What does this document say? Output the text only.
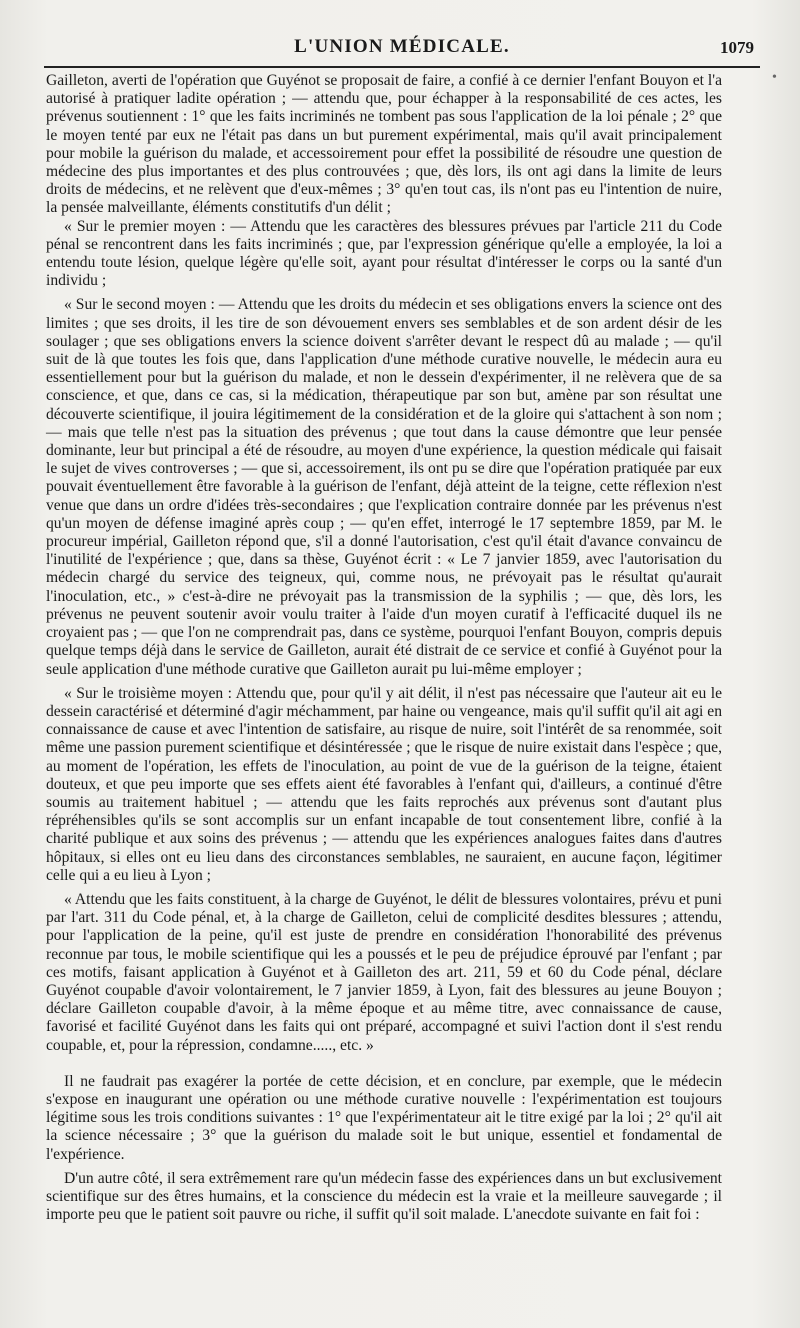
L'UNION MÉDICALE.	1079

Gailleton, averti de l'opération que Guyénot se proposait de faire, a confié à ce dernier l'enfant Bouyon et l'a autorisé à pratiquer ladite opération ; — attendu que, pour échapper à la responsabilité de ces actes, les prévenus soutiennent : 1° que les faits incriminés ne tombent pas sous l'application de la loi pénale ; 2° que le moyen tenté par eux ne l'était pas dans un but purement expérimental, mais qu'il avait principalement pour mobile la guérison du malade, et accessoirement pour effet la possibilité de résoudre une question de médecine des plus importantes et des plus controuvées ; que, dès lors, ils ont agi dans la limite de leurs droits de médecins, et ne relèvent que d'eux-mêmes ; 3° qu'en tout cas, ils n'ont pas eu l'intention de nuire, la pensée malveillante, éléments constitutifs d'un délit ;

« Sur le premier moyen : — Attendu que les caractères des blessures prévues par l'article 211 du Code pénal se rencontrent dans les faits incriminés ; que, par l'expression générique qu'elle a employée, la loi a entendu toute lésion, quelque légère qu'elle soit, ayant pour résultat d'intéresser le corps ou la santé d'un individu ;

« Sur le second moyen : — Attendu que les droits du médecin et ses obligations envers la science ont des limites ; que ses droits, il les tire de son dévouement envers ses semblables et de son ardent désir de les soulager ; que ses obligations envers la science doivent s'arrêter devant le respect dû au malade ; — qu'il suit de là que toutes les fois que, dans l'application d'une méthode curative nouvelle, le médecin aura eu essentiellement pour but la guérison du malade, et non le dessein d'expérimenter, il ne relèvera que de sa conscience, et que, dans ce cas, si la médication, thérapeutique par son but, amène par son résultat une découverte scientifique, il jouira légitimement de la considération et de la gloire qui s'attachent à son nom ; — mais que telle n'est pas la situation des prévenus ; que tout dans la cause démontre que leur pensée dominante, leur but principal a été de résoudre, au moyen d'une expérience, la question médicale qui faisait le sujet de vives controverses ; — que si, accessoirement, ils ont pu se dire que l'opération pratiquée par eux pouvait éventuellement être favorable à la guérison de l'enfant, déjà atteint de la teigne, cette réflexion n'est venue que dans un ordre d'idées très-secondaires ; que l'explication contraire donnée par les prévenus n'est qu'un moyen de défense imaginé après coup ; — qu'en effet, interrogé le 17 septembre 1859, par M. le procureur impérial, Gailleton répond que, s'il a donné l'autorisation, c'est qu'il était d'avance convaincu de l'inutilité de l'expérience ; que, dans sa thèse, Guyénot écrit : « Le 7 janvier 1859, avec l'autorisation du médecin chargé du service des teigneux, qui, comme nous, ne prévoyait pas le résultat qu'aurait l'inoculation, etc., » c'est-à-dire ne prévoyait pas la transmission de la syphilis ; — que, dès lors, les prévenus ne peuvent soutenir avoir voulu traiter à l'aide d'un moyen curatif à l'efficacité duquel ils ne croyaient pas ; — que l'on ne comprendrait pas, dans ce système, pourquoi l'enfant Bouyon, compris depuis quelque temps déjà dans le service de Gailleton, aurait été distrait de ce service et confié à Guyénot pour la seule application d'une méthode curative que Gailleton aurait pu lui-même employer ;

« Sur le troisième moyen : Attendu que, pour qu'il y ait délit, il n'est pas nécessaire que l'auteur ait eu le dessein caractérisé et déterminé d'agir méchamment, par haine ou vengeance, mais qu'il suffit qu'il ait agi en connaissance de cause et avec l'intention de satisfaire, au risque de nuire, soit l'intérêt de sa renommée, soit même une passion purement scientifique et désintéressée ; que le risque de nuire existait dans l'espèce ; que, au moment de l'opération, les effets de l'inoculation, au point de vue de la guérison de la teigne, étaient douteux, et que peu importe que ses effets aient été favorables à l'enfant qui, d'ailleurs, a continué d'être soumis au traitement habituel ; — attendu que les faits reprochés aux prévenus sont d'autant plus répréhensibles qu'ils se sont accomplis sur un enfant incapable de tout consentement libre, confié à la charité publique et aux soins des prévenus ; — attendu que les expériences analogues faites dans d'autres hôpitaux, si elles ont eu lieu dans des circonstances semblables, ne sauraient, en aucune façon, légitimer celle qui a eu lieu à Lyon ;

« Attendu que les faits constituent, à la charge de Guyénot, le délit de blessures volontaires, prévu et puni par l'art. 311 du Code pénal, et, à la charge de Gailleton, celui de complicité desdites blessures ; attendu, pour l'application de la peine, qu'il est juste de prendre en considération l'honorabilité des prévenus reconnue par tous, le mobile scientifique qui les a poussés et le peu de préjudice éprouvé par l'enfant ; par ces motifs, faisant application à Guyénot et à Gailleton des art. 211, 59 et 60 du Code pénal, déclare Guyénot coupable d'avoir volontairement, le 7 janvier 1859, à Lyon, fait des blessures au jeune Bouyon ; déclare Gailleton coupable d'avoir, à la même époque et au même titre, avec connaissance de cause, favorisé et facilité Guyénot dans les faits qui ont préparé, accompagné et suivi l'action dont il s'est rendu coupable, et, pour la répression, condamne....., etc. »

Il ne faudrait pas exagérer la portée de cette décision, et en conclure, par exemple, que le médecin s'expose en inaugurant une opération ou une méthode curative nouvelle : l'expérimentation est toujours légitime sous les trois conditions suivantes : 1° que l'expérimentateur ait le titre exigé par la loi ; 2° qu'il ait la science nécessaire ; 3° que la guérison du malade soit le but unique, essentiel et fondamental de l'expérience.

D'un autre côté, il sera extrêmement rare qu'un médecin fasse des expériences dans un but exclusivement scientifique sur des êtres humains, et la conscience du médecin est la vraie et la meilleure sauvegarde ; il importe peu que le patient soit pauvre ou riche, il suffit qu'il soit malade. L'anecdote suivante en fait foi :

•
